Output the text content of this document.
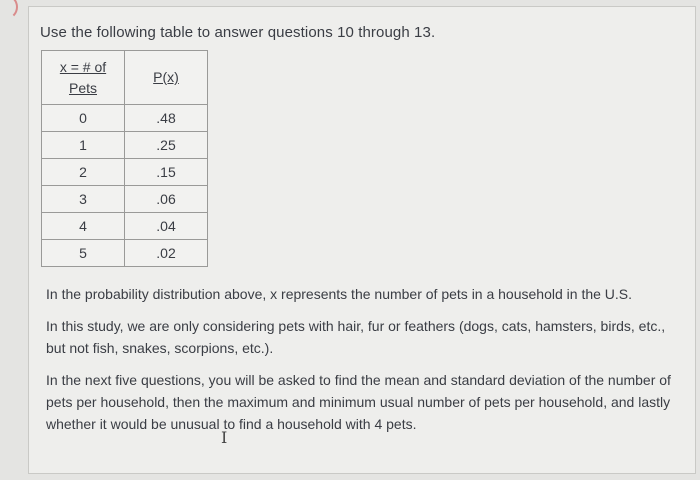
Use the following table to answer questions 10 through 13.
x = # of
Pets	P(x)
0	.48
1	.25
2	.15
3	.06
4	.04
5	.02
In the probability distribution above, x represents the number of pets in a household in the U.S.
In this study, we are only considering pets with hair, fur or feathers (dogs, cats, hamsters, birds, etc., but not fish, snakes, scorpions, etc.).
In the next five questions, you will be asked to find the mean and standard deviation of the number of pets per household, then the maximum and minimum usual number of pets per household, and lastly whether it would be unusual to find a household with 4 pets.
I
